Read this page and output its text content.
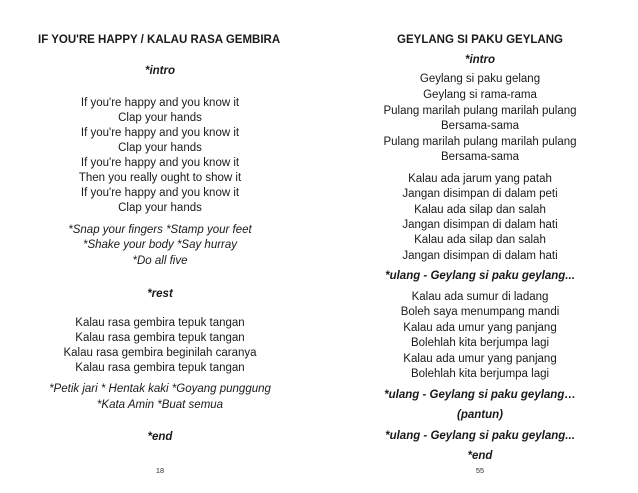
IF YOU'RE HAPPY / KALAU RASA GEMBIRA
*intro
If you're happy and you know it
Clap your hands
If you're happy and you know it
Clap your hands
If you're happy and you know it
Then you really ought to show it
If you're happy and you know it
Clap your hands
*Snap your fingers *Stamp your feet
*Shake your body *Say hurray
*Do all five
*rest
Kalau rasa gembira tepuk tangan
Kalau rasa gembira tepuk tangan
Kalau rasa gembira beginilah caranya
Kalau rasa gembira tepuk tangan
*Petik jari * Hentak kaki *Goyang punggung
*Kata Amin *Buat semua
*end
18
GEYLANG SI PAKU GEYLANG
*intro
Geylang si paku gelang
Geylang si rama-rama
Pulang marilah pulang marilah pulang
Bersama-sama
Pulang marilah pulang marilah pulang
Bersama-sama
Kalau ada jarum yang patah
Jangan disimpan di dalam peti
Kalau ada silap dan salah
Jangan disimpan di dalam hati
Kalau ada silap dan salah
Jangan disimpan di dalam hati
*ulang - Geylang si paku geylang...
Kalau ada sumur di ladang
Boleh saya menumpang mandi
Kalau ada umur yang panjang
Bolehlah kita berjumpa lagi
Kalau ada umur yang panjang
Bolehlah kita berjumpa lagi
*ulang - Geylang si paku geylang…
(pantun)
*ulang - Geylang si paku geylang...
*end
55
